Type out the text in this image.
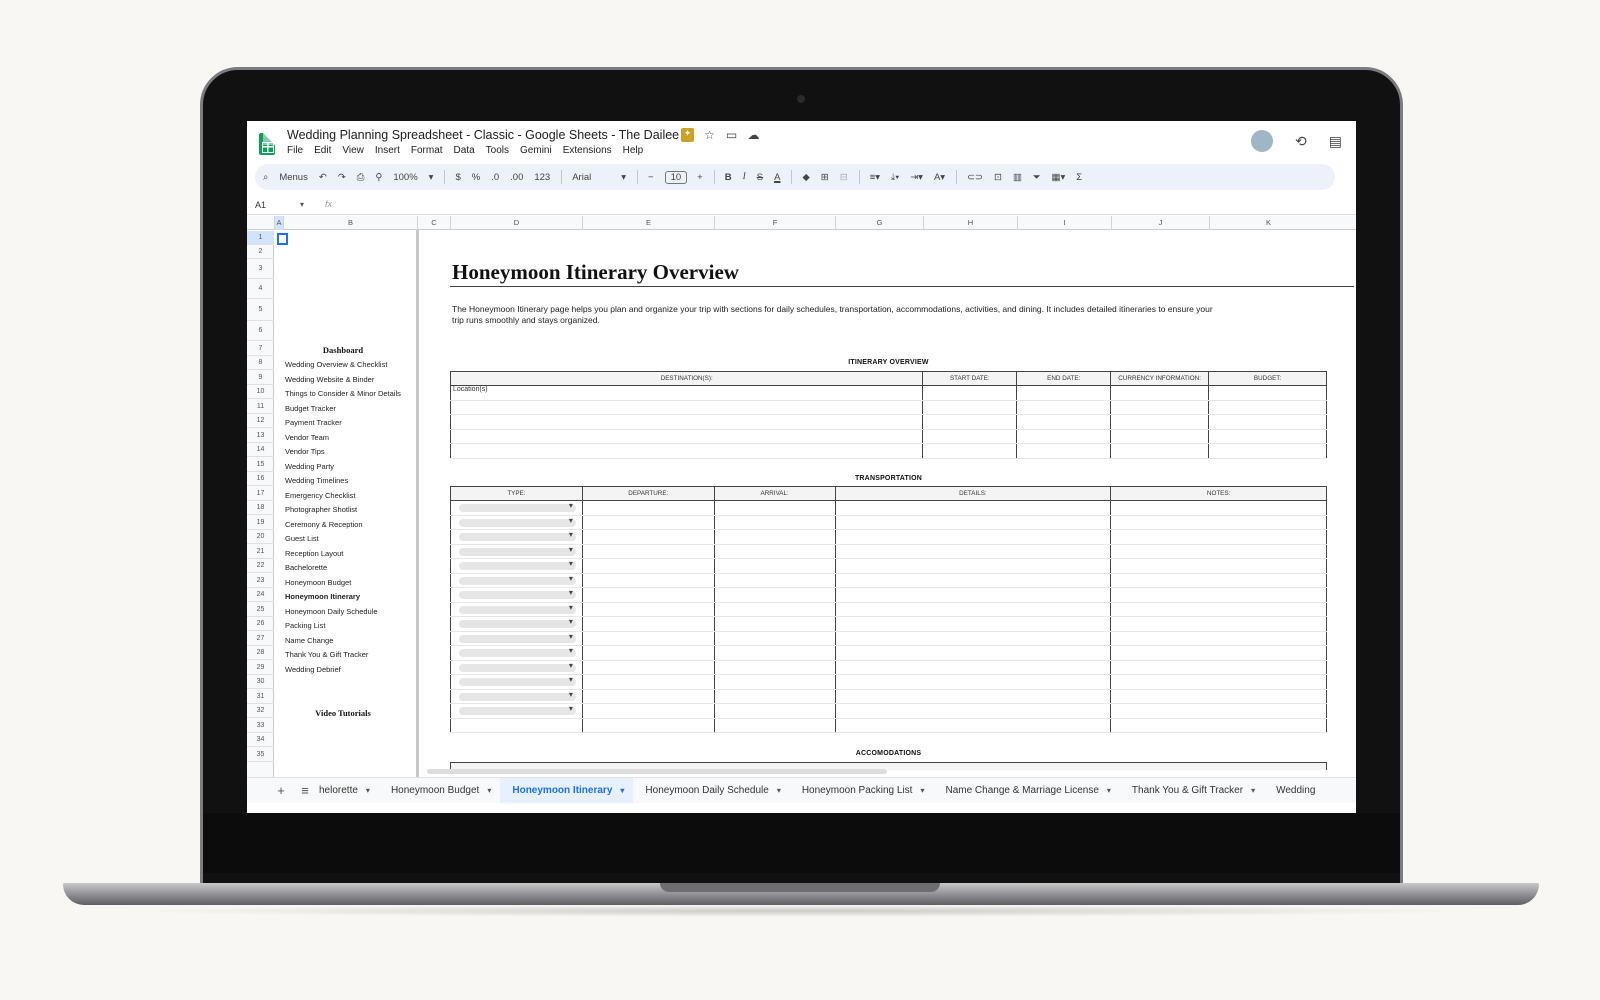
Wedding Planning Spreadsheet - Classic - Google Sheets - The Dailee ✦ ☆ ▭ ☁
File Edit View Insert Format Data Tools Gemini Extensions Help
⟲ ▤
⌕ Menus ↶ ↷ ⎙ ⚲ 100% ▾ $ % .0 .00 123 Arial	▾ −	10	+ B I S A ◆ ⊞ ⊟ ≡▾ ⤓▾ ⇥▾ A▾ ⊂⊃ ⊡ ▥ ⏷ ▦▾ Σ
A1	▾ fx
A	B	C	D	E	F	G	H	I	J	K
1
2
3
4
5
6
7
8
9
10
11
12
13
14
15
16
17
18
19
20
21
22
23
24
25
26
27
28
29
30
31
32
33
34
35
Dashboard
Wedding Overview & Checklist
Wedding Website & Binder
Things to Consider & Minor Details
Budget Tracker
Payment Tracker
Vendor Team
Vendor Tips
Wedding Party
Wedding Timelines
Emergency Checklist
Photographer Shotlist
Ceremony & Reception
Guest List
Reception Layout
Bachelorette
Honeymoon Budget
Honeymoon Itinerary
Honeymoon Daily Schedule
Packing List
Name Change
Thank You & Gift Tracker
Wedding Debrief
Video Tutorials
Honeymoon Itinerary Overview
The Honeymoon Itinerary page helps you plan and organize your trip with sections for daily schedules, transportation, accommodations, activities, and dining. It includes detailed itineraries to ensure your trip runs smoothly and stays organized.
ITINERARY OVERVIEW
DESTINATION(S):	START DATE:	END DATE:	CURRENCY INFORMATION:	BUDGET:
Location(s)				

TRANSPORTATION
TYPE:	DEPARTURE:	ARRIVAL:	DETAILS:	NOTES:

▾

▾

▾

▾

▾

▾

▾

▾

▾

▾

▾

▾

▾

▾

▾

ACCOMODATIONS
+	≡	helorette ▾ Honeymoon Budget ▾ Honeymoon Itinerary ▾ Honeymoon Daily Schedule ▾ Honeymoon Packing List ▾ Name Change & Marriage License ▾ Thank You & Gift Tracker ▾ Wedding
